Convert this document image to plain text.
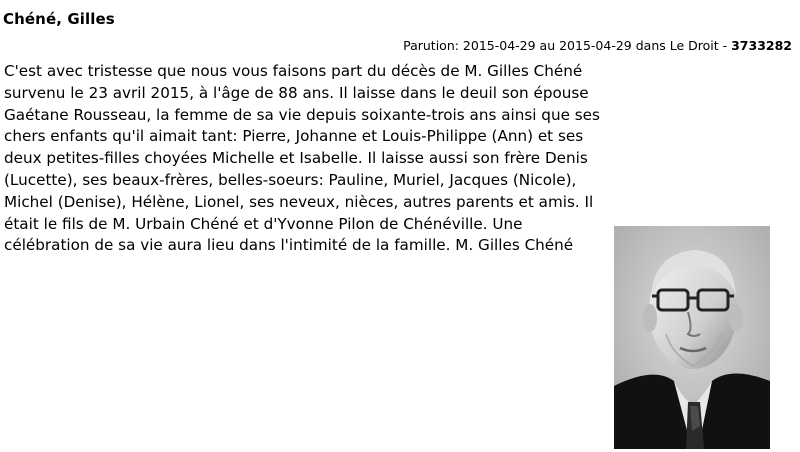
Chéné, Gilles
Parution: 2015-04-29 au 2015-04-29 dans Le Droit - 3733282
C'est avec tristesse que nous vous faisons part du décès de M. Gilles Chéné
survenu le 23 avril 2015, à l'âge de 88 ans. Il laisse dans le deuil son épouse
Gaétane Rousseau, la femme de sa vie depuis soixante-trois ans ainsi que ses
chers enfants qu'il aimait tant: Pierre, Johanne et Louis-Philippe (Ann) et ses
deux petites-filles choyées Michelle et Isabelle. Il laisse aussi son frère Denis
(Lucette), ses beaux-frères, belles-soeurs: Pauline, Muriel, Jacques (Nicole),
Michel (Denise), Hélène, Lionel, ses neveux, nièces, autres parents et amis. Il
était le fils de M. Urbain Chéné et d'Yvonne Pilon de Chénéville. Une
célébration de sa vie aura lieu dans l'intimité de la famille. M. Gilles Chéné
